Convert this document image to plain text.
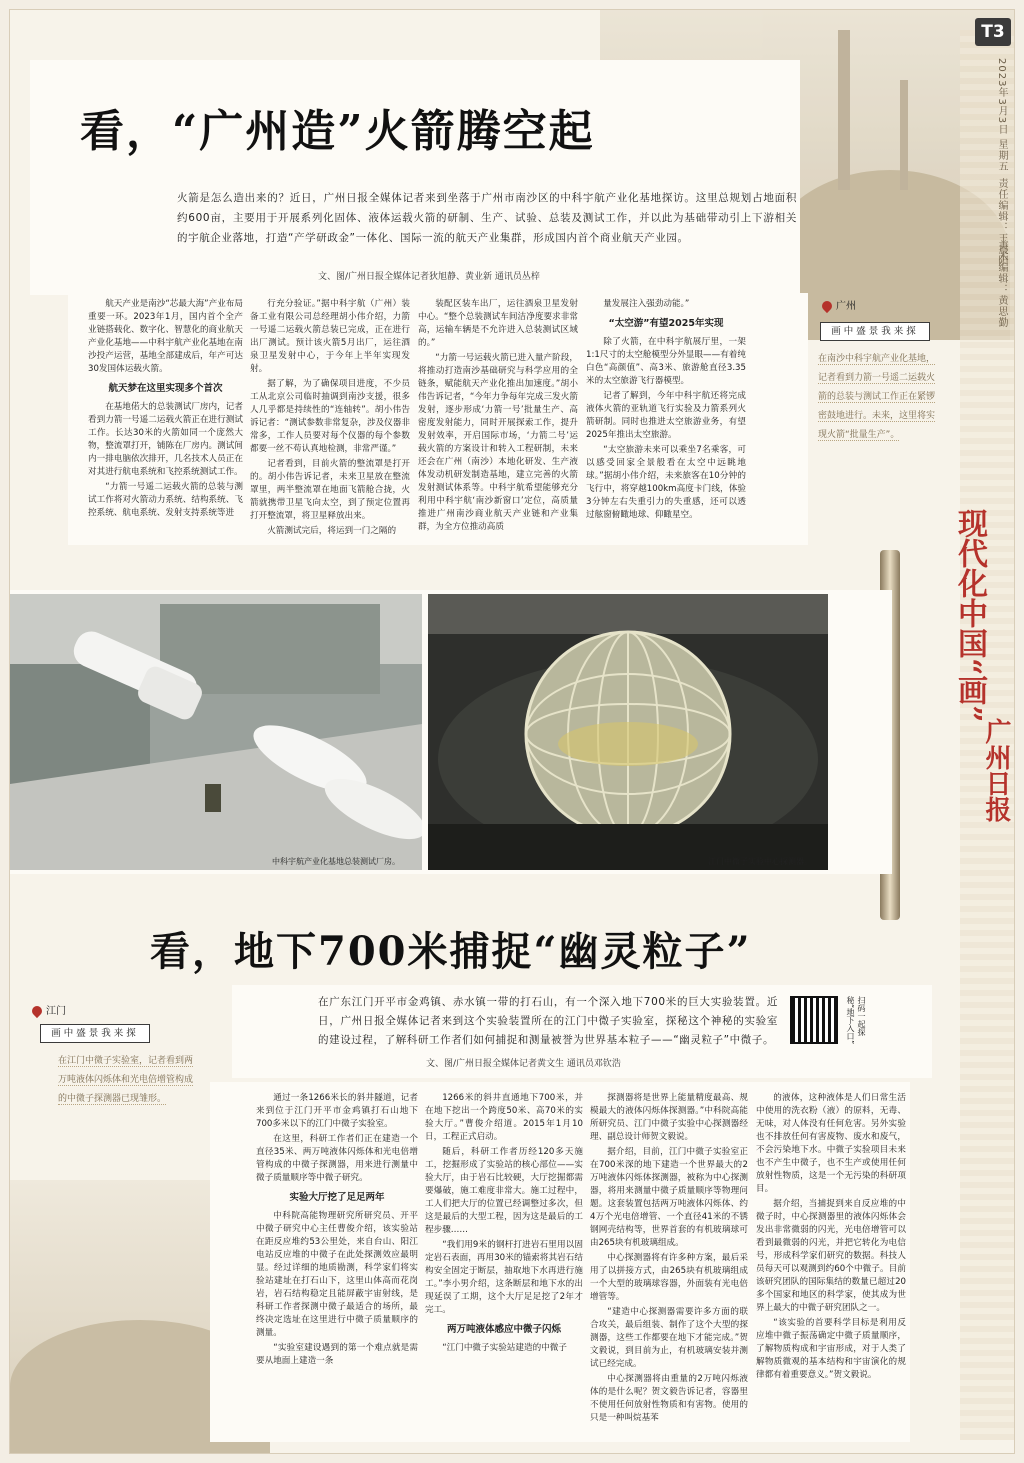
T3
2023年3月3日 星期五
责任编辑：王晨阳
美术编辑：黄思勤
看，“广州造”火箭腾空起
火箭是怎么造出来的？近日，广州日报全媒体记者来到坐落于广州市南沙区的中科宇航产业化基地探访。这里总规划占地面积约600亩，主要用于开展系列化固体、液体运载火箭的研制、生产、试验、总装及测试工作，并以此为基础带动引上下游相关的宇航企业落地，打造“产学研政金”一体化、国际一流的航天产业集群，形成国内首个商业航天产业园。
文、图/广州日报全媒体记者狄旭静、黄业新 通讯员丛梓

航天产业是南沙“芯最大海”产业布局重要一环。2023年1月，国内首个全产业链搭载化、数字化、智慧化的商业航天产业化基地——中科宇航产业化基地在南沙投产运营，基地全部建成后，年产可达30发国体运载火箭。

航天梦在这里实现多个首次

在基地偌大的总装测试厂房内，记者看到力箭一号遥二运载火箭正在进行测试工作。长达30米的火箭如同一个庞然大物，整流罩打开，铺陈在厂房内。测试间内一排电脑依次排开，几名技术人员正在对其进行航电系统和飞控系统测试工作。

“力箭一号遥二运载火箭的总装与测试工作将对火箭动力系统、结构系统、飞控系统、航电系统、发射支持系统等进

行充分验证。”据中科宇航（广州）装备工业有限公司总经理胡小伟介绍，力箭一号遥二运载火箭总装已完成，正在进行出厂测试。预计该火箭5月出厂，运往酒泉卫星发射中心，于今年上半年实现发射。

据了解，为了确保项目进度，不少员工从北京公司临时抽调到南沙支援，很多人几乎都是持续性的“连轴转”。胡小伟告诉记者：“测试参数非常复杂，涉及仪器非常多，工作人员要对每个仪器的每个参数都要一丝不苟认真地检测，非常严谨。”

记者看到，目前火箭的整流罩是打开的。胡小伟告诉记者，未来卫星放在整流罩里，两半整流罩在地面飞箭舱合拢，火箭就携带卫星飞向太空，到了预定位置再打开整流罩，将卫星释放出来。

火箭测试完后，将运到一门之隔的

装配区装车出厂，运往酒泉卫星发射中心。“整个总装测试车间洁净度要求非常高，运输车辆是不允许进入总装测试区域的。”

“力箭一号运载火箭已进入量产阶段，将推动打造南沙基础研究与科学应用的全链条，赋能航天产业化推出加速度。”胡小伟告诉记者，“今年力争每年完成三发火箭发射，逐步形成‘力箭一号’批量生产、高密度发射能力，同时开展探索工作，提升发射效率，开启国际市场，‘力箭二号’运载火箭的方案设计和转入工程研制，未来还会在广州（南沙）本地化研发、生产液体发动机研发制造基地，建立完善的火箭发射测试体系等。中科宇航希望能够充分利用中科宇航‘南沙新窗口’定位，高质量推进广州南沙商业航天产业链和产业集群，为全方位推动高质

量发展注入强劲动能。”

“太空游”有望2025年实现

除了火箭，在中科宇航展厅里，一架1:1尺寸的太空舱模型分外显眼——有着纯白色“高颜值”、高3米、旅游舱直径3.35米的太空旅游飞行器模型。

记者了解到，今年中科宇航还将完成液体火箭的亚轨道飞行实验及力箭系列火箭研制。同时也推进太空旅游业务，有望2025年推出太空旅游。

“太空旅游未来可以乘坐7名乘客，可以感受回家全景般看在太空中远眺地球。”据胡小伟介绍，未来旅客在10分钟的飞行中，将穿越100km高度卡门线，体验3分钟左右失重引力的失重感，还可以透过舷窗俯瞰地球、仰瞰星空。

广州
画中盛景我来探
在南沙中科宇航产业化基地，记者看到力箭一号遥二运载火箭的总装与测试工作正在紧锣密鼓地进行。未来，这里将实现火箭“批量生产”。
现代化中国“画”
广州日报
中科宇航产业化基地总装测试厂房。	江门中微子实验中心探测器。
看，地下700米捕捉“幽灵粒子”
江门
画中盛景我来探
在江门中微子实验室，记者看到两万吨液体闪烁体和光电倍增管构成的中微子探测器已现雏形。
在广东江门开平市金鸡镇、赤水镇一带的打石山，有一个深入地下700米的巨大实验装置。近日，广州日报全媒体记者来到这个实验装置所在的江门中微子实验室，探秘这个神秘的实验室的建设过程，了解科研工作者们如何捕捉和测量被誉为世界基本粒子——“幽灵粒子”中微子。
文、图/广州日报全媒体记者黄文生 通讯员邓钦浩
扫码一起探秘“地下入口”

通过一条1266米长的斜井隧道，记者来到位于江门开平市金鸡镇打石山地下700多米以下的江门中微子实验室。

在这里，科研工作者们正在建造一个直径35米、两万吨液体闪烁体和光电倍增管构成的中微子探测器，用来进行测量中微子质量顺序等中微子研究。

实验大厅挖了足足两年

中科院高能物理研究所研究员、开平中微子研究中心主任曹俊介绍，该实验站在距反应堆约53公里处，来自台山、阳江电站反应堆的中微子在此处探测效应最明显。经过详细的地质勘测，科学家们将实验站建址在打石山下，这里山体高而花岗岩，岩石结构稳定且能屏蔽宇宙射线，是科研工作者探测中微子最适合的场所，最终决定选址在这里进行中微子质量顺序的测量。

“实验室建设遇到的第一个难点就是需要从地面上建造一条

1266米的斜井直通地下700米，并在地下挖出一个跨度50米、高70米的实验大厅。”曹俊介绍道。2015年1月10日，工程正式启动。

随后，科研工作者历经120多天施工，挖掘形成了实验站的核心部位——实验大厅，由于岩石比较硬，大厅挖掘都需要爆破，施工难度非常大。施工过程中，工人们把大厅的位置已经调整过多次，但这是最后的大型工程，因为这是最后的工程步骤……

“我们用9米的钢杆打进岩石里用以固定岩石表面，再用30米的锚索将其岩石结构安全固定于断层，抽取地下水再进行施工。”李小男介绍，这条断层和地下水的出现延误了工期，这个大厅足足挖了2年才完工。

两万吨液体感应中微子闪烁

“江门中微子实验站建造的中微子

探测器将是世界上能量精度最高、规模最大的液体闪烁体探测器。”中科院高能所研究员、江门中微子实验中心探测器经理、副总设计师贺文毅说。

据介绍，目前，江门中微子实验室正在700米深的地下建造一个世界最大的2万吨液体闪烁体探测器，被称为中心探测器，将用来测量中微子质量顺序等物理问题。这套装置包括两万吨液体闪烁体、约4万个光电倍增管、一个直径41米的不锈钢网壳结构等，世界首套的有机玻璃球可由265块有机玻璃组成。

中心探测器将有许多种方案，最后采用了以拼接方式，由265块有机玻璃组成一个大型的玻璃球容器，外面装有光电倍增管等。

“建造中心探测器需要许多方面的联合攻关，最后组装、制作了这个大型的探测器，这些工作都要在地下才能完成。”贺文毅说，到目前为止，有机玻璃安装并测试已经完成。

中心探测器将由重量的2万吨闪烁液体的是什么呢？贺文毅告诉记者，容器里不使用任何放射性物质和有害物。使用的只是一种叫烷基苯

的液体，这种液体是人们日常生活中使用的洗衣粉（液）的原料，无毒、无味，对人体没有任何危害。另外实验也不排放任何有害废物、废水和废气，不会污染地下水。中微子实验项目未来也不产生中微子，也不生产或使用任何放射性物质，这是一个无污染的科研项目。

据介绍，当捕捉到来自反应堆的中微子时，中心探测器里的液体闪烁体会发出非常微弱的闪光，光电倍增管可以看到最微弱的闪光，并把它转化为电信号，形成科学家们研究的数据。科技人员每天可以观测到约60个中微子。目前该研究团队的国际集结的数量已超过20多个国家和地区的科学家，使其成为世界上最大的中微子研究团队之一。

“该实验的首要科学目标是利用反应堆中微子振荡确定中微子质量顺序，了解物质构成和宇宙形成，对于人类了解物质微观的基本结构和宇宙演化的规律都有着重要意义。”贺文毅说。
